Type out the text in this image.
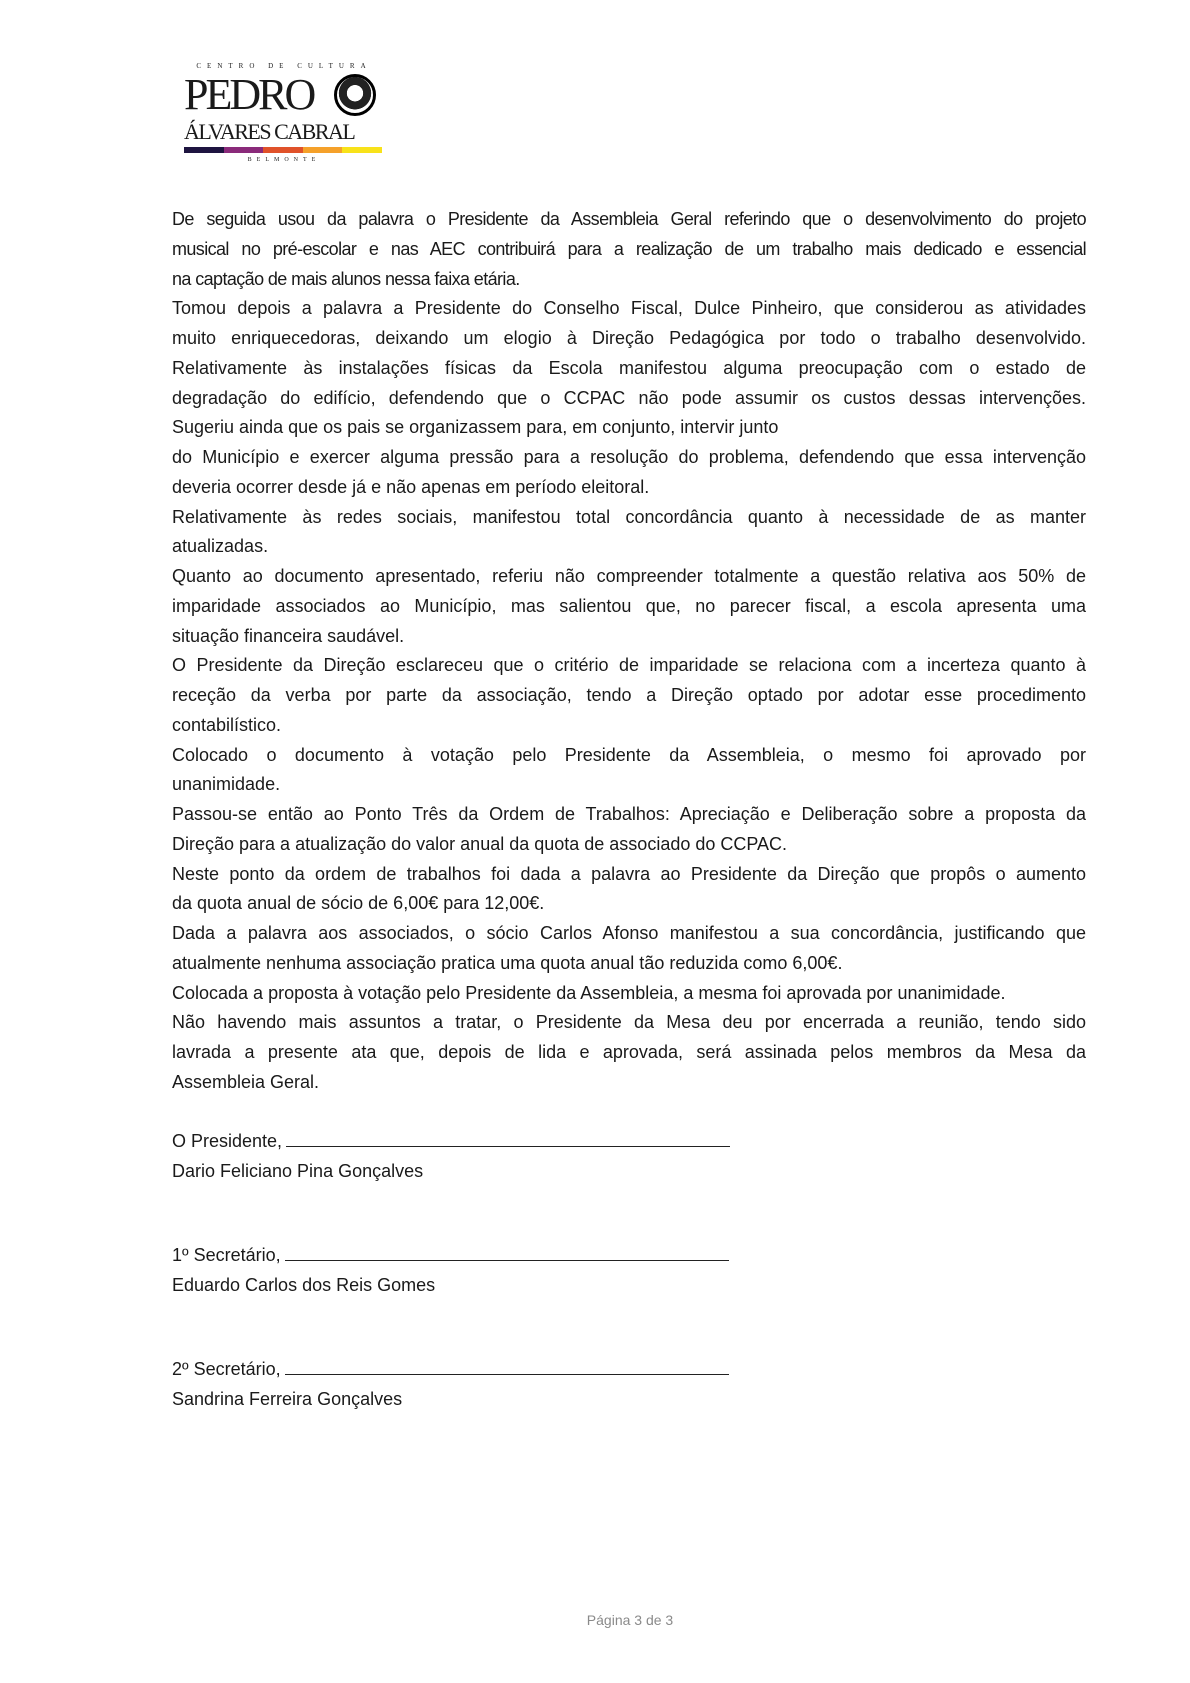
CENTRO DE CULTURA
PEDRO
ÁLVARES CABRAL
BELMONTE
De seguida usou da palavra o Presidente da Assembleia Geral referindo que o desenvolvimento do projeto
musical no pré-escolar e nas AEC contribuirá para a realização de um trabalho mais dedicado e essencial
na captação de mais alunos nessa faixa etária.
Tomou depois a palavra a Presidente do Conselho Fiscal, Dulce Pinheiro, que considerou as atividades
muito enriquecedoras, deixando um elogio à Direção Pedagógica por todo o trabalho desenvolvido.
Relativamente às instalações físicas da Escola manifestou alguma preocupação com o estado de
degradação do edifício, defendendo que o CCPAC não pode assumir os custos dessas intervenções.
Sugeriu ainda que os pais se organizassem para, em conjunto, intervir junto
do Município e exercer alguma pressão para a resolução do problema, defendendo que essa intervenção
deveria ocorrer desde já e não apenas em período eleitoral.
Relativamente às redes sociais, manifestou total concordância quanto à necessidade de as manter
atualizadas.
Quanto ao documento apresentado, referiu não compreender totalmente a questão relativa aos 50% de
imparidade associados ao Município, mas salientou que, no parecer fiscal, a escola apresenta uma
situação financeira saudável.
O Presidente da Direção esclareceu que o critério de imparidade se relaciona com a incerteza quanto à
receção da verba por parte da associação, tendo a Direção optado por adotar esse procedimento
contabilístico.
Colocado o documento à votação pelo Presidente da Assembleia, o mesmo foi aprovado por
unanimidade.
Passou-se então ao Ponto Três da Ordem de Trabalhos: Apreciação e Deliberação sobre a proposta da
Direção para a atualização do valor anual da quota de associado do CCPAC.
Neste ponto da ordem de trabalhos foi dada a palavra ao Presidente da Direção que propôs o aumento
da quota anual de sócio de 6,00€ para 12,00€.
Dada a palavra aos associados, o sócio Carlos Afonso manifestou a sua concordância, justificando que
atualmente nenhuma associação pratica uma quota anual tão reduzida como 6,00€.
Colocada a proposta à votação pelo Presidente da Assembleia, a mesma foi aprovada por unanimidade.
Não havendo mais assuntos a tratar, o Presidente da Mesa deu por encerrada a reunião, tendo sido
lavrada a presente ata que, depois de lida e aprovada, será assinada pelos membros da Mesa da
Assembleia Geral.
O Presidente,
Dario Feliciano Pina Gonçalves
1º Secretário,
Eduardo Carlos dos Reis Gomes
2º Secretário,
Sandrina Ferreira Gonçalves
Página 3 de 3
